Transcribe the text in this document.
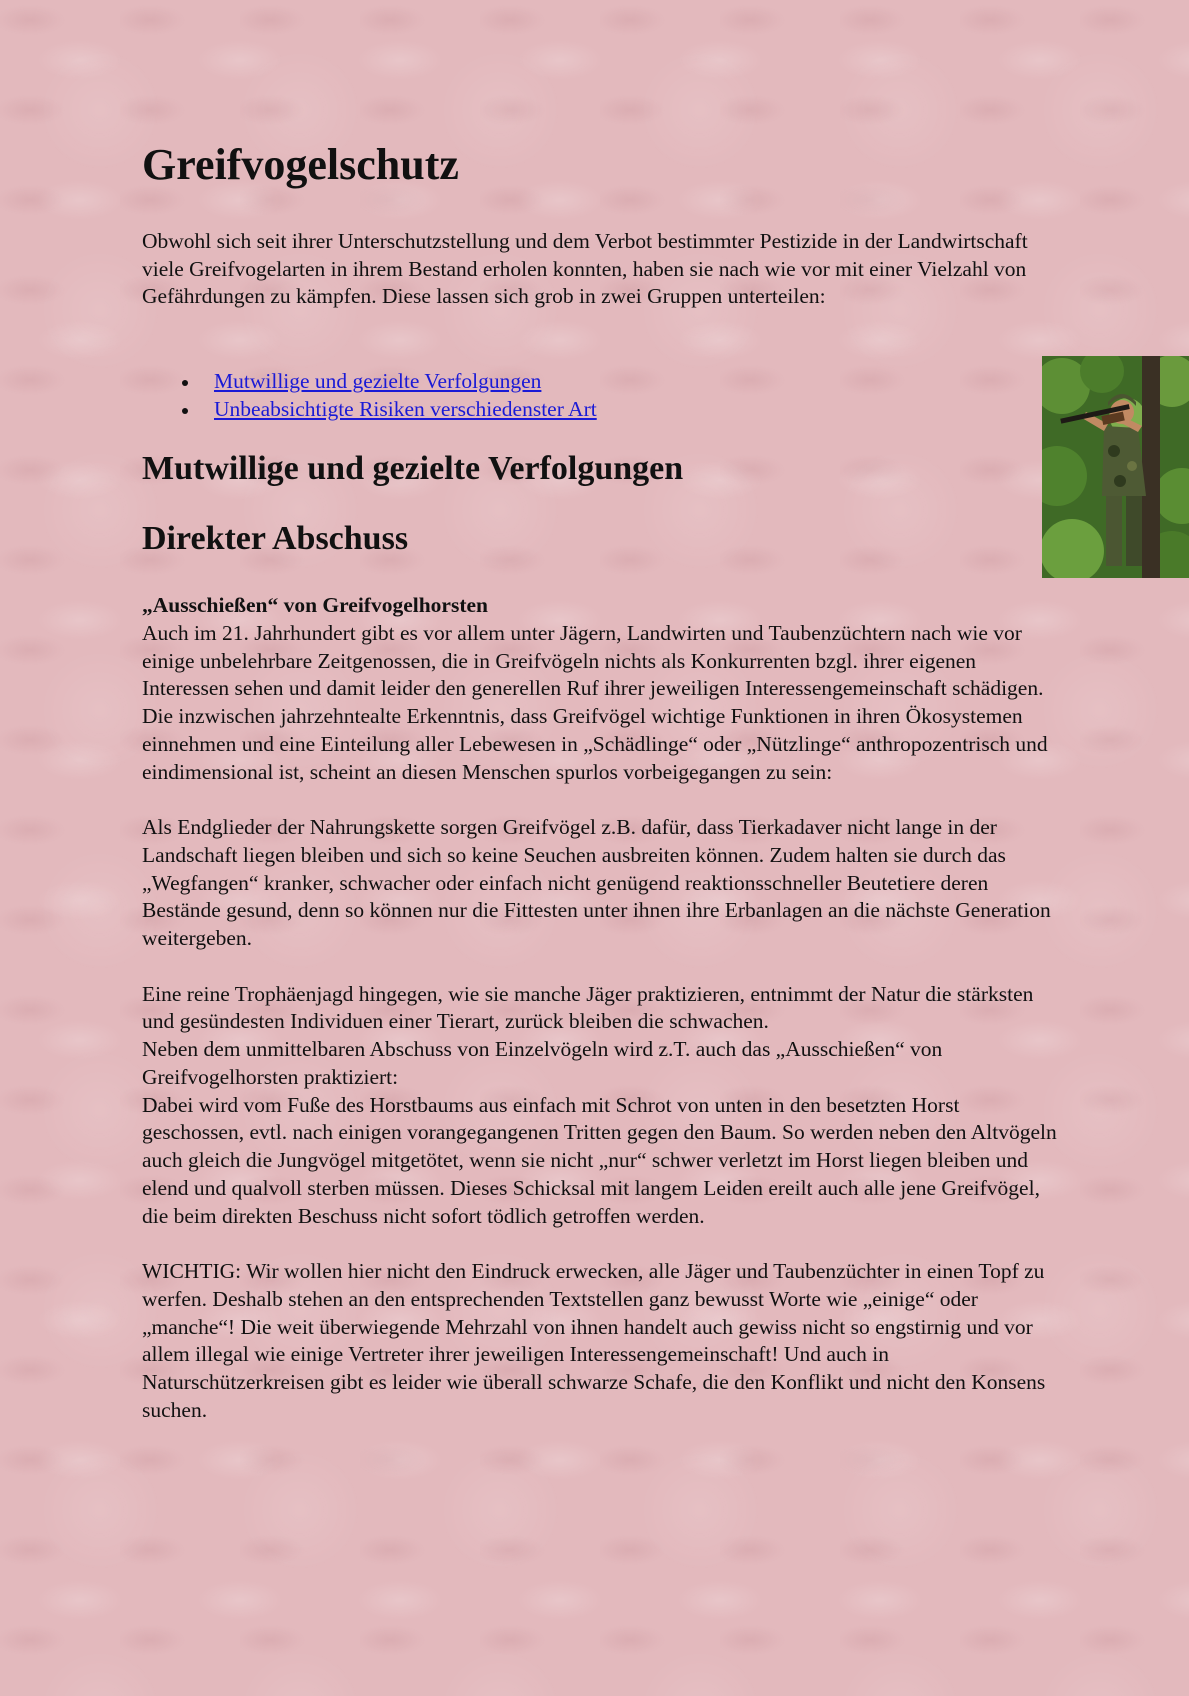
Greifvogelschutz

Obwohl sich seit ihrer Unterschutzstellung und dem Verbot bestimmter Pestizide in der Landwirtschaft viele Greifvogelarten in ihrem Bestand erholen konnten, haben sie nach wie vor mit einer Vielzahl von Gefährdungen zu kämpfen. Diese lassen sich grob in zwei Gruppen unterteilen:

Mutwillige und gezielte Verfolgungen
Unbeabsichtigte Risiken verschiedenster Art
Mutwillige und gezielte Verfolgungen
Direkter Abschuss
„Ausschießen“ von Greifvogelhorsten

Auch im 21. Jahrhundert gibt es vor allem unter Jägern, Landwirten und Taubenzüchtern nach wie vor einige unbelehrbare Zeitgenossen, die in Greifvögeln nichts als Konkurrenten bzgl. ihrer eigenen Interessen sehen und damit leider den generellen Ruf ihrer jeweiligen Interessengemeinschaft schädigen. Die inzwischen jahrzehntealte Erkenntnis, dass Greifvögel wichtige Funktionen in ihren Ökosystemen einnehmen und eine Einteilung aller Lebewesen in „Schädlinge“ oder „Nützlinge“ anthropozentrisch und eindimensional ist, scheint an diesen Menschen spurlos vorbeigegangen zu sein:

Als Endglieder der Nahrungskette sorgen Greifvögel z.B. dafür, dass Tierkadaver nicht lange in der Landschaft liegen bleiben und sich so keine Seuchen ausbreiten können. Zudem halten sie durch das „Wegfangen“ kranker, schwacher oder einfach nicht genügend reaktionsschneller Beutetiere deren Bestände gesund, denn so können nur die Fittesten unter ihnen ihre Erbanlagen an die nächste Generation weitergeben.

Eine reine Trophäenjagd hingegen, wie sie manche Jäger praktizieren, entnimmt der Natur die stärksten und gesündesten Individuen einer Tierart, zurück bleiben die schwachen.

Neben dem unmittelbaren Abschuss von Einzelvögeln wird z.T. auch das „Ausschießen“ von Greifvogelhorsten praktiziert:

Dabei wird vom Fuße des Horstbaums aus einfach mit Schrot von unten in den besetzten Horst geschossen, evtl. nach einigen vorangegangenen Tritten gegen den Baum. So werden neben den Altvögeln auch gleich die Jungvögel mitgetötet, wenn sie nicht „nur“ schwer verletzt im Horst liegen bleiben und elend und qualvoll sterben müssen. Dieses Schicksal mit langem Leiden ereilt auch alle jene Greifvögel, die beim direkten Beschuss nicht sofort tödlich getroffen werden.

WICHTIG: Wir wollen hier nicht den Eindruck erwecken, alle Jäger und Taubenzüchter in einen Topf zu werfen. Deshalb stehen an den entsprechenden Textstellen ganz bewusst Worte wie „einige“ oder „manche“! Die weit überwiegende Mehrzahl von ihnen handelt auch gewiss nicht so engstirnig und vor allem illegal wie einige Vertreter ihrer jeweiligen Interessengemeinschaft! Und auch in Naturschützerkreisen gibt es leider wie überall schwarze Schafe, die den Konflikt und nicht den Konsens suchen.
